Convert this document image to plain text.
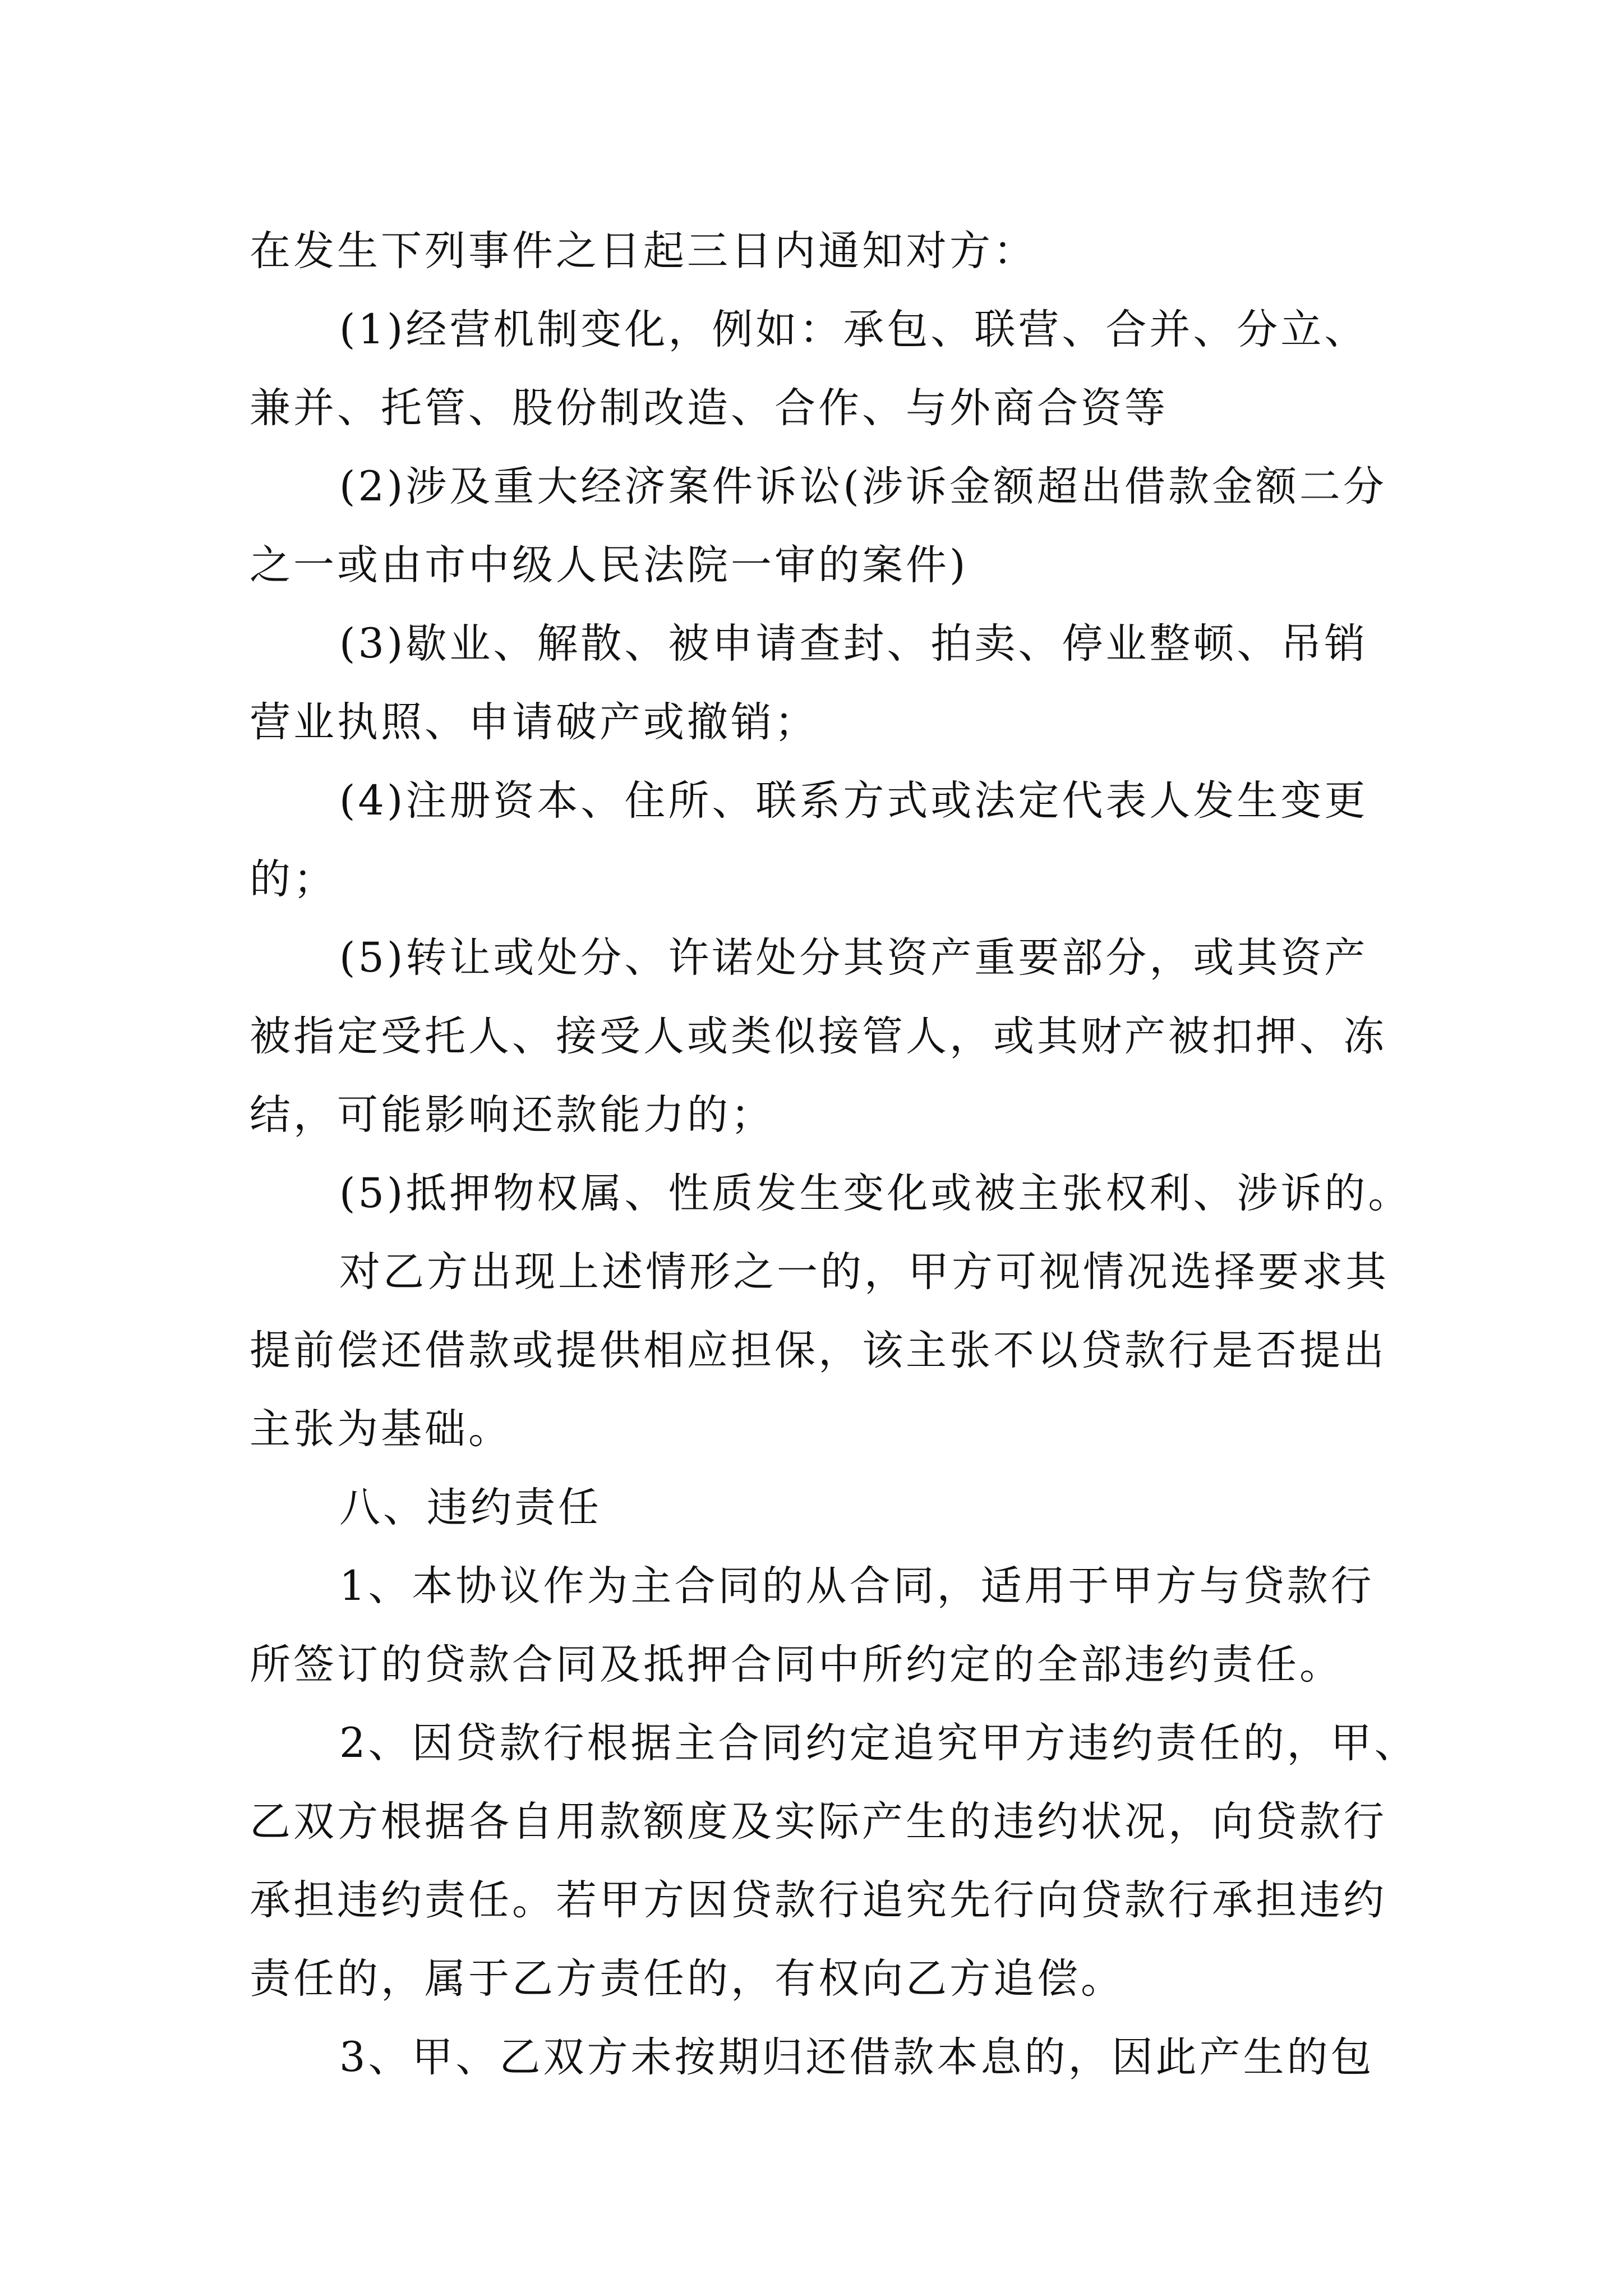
在发生下列事件之日起三日内通知对方：
(1)经营机制变化，例如：承包、联营、合并、分立、
兼并、托管、股份制改造、合作、与外商合资等
(2)涉及重大经济案件诉讼(涉诉金额超出借款金额二分
之一或由市中级人民法院一审的案件)
(3)歇业、解散、被申请查封、拍卖、停业整顿、吊销
营业执照、申请破产或撤销；
(4)注册资本、住所、联系方式或法定代表人发生变更
的；
(5)转让或处分、许诺处分其资产重要部分，或其资产
被指定受托人、接受人或类似接管人，或其财产被扣押、冻
结，可能影响还款能力的；
(5)抵押物权属、性质发生变化或被主张权利、涉诉的。
对乙方出现上述情形之一的，甲方可视情况选择要求其
提前偿还借款或提供相应担保，该主张不以贷款行是否提出
主张为基础。
八、违约责任
1、本协议作为主合同的从合同，适用于甲方与贷款行
所签订的贷款合同及抵押合同中所约定的全部违约责任。
2、因贷款行根据主合同约定追究甲方违约责任的，甲、
乙双方根据各自用款额度及实际产生的违约状况，向贷款行
承担违约责任。若甲方因贷款行追究先行向贷款行承担违约
责任的，属于乙方责任的，有权向乙方追偿。
3、甲、乙双方未按期归还借款本息的，因此产生的包
